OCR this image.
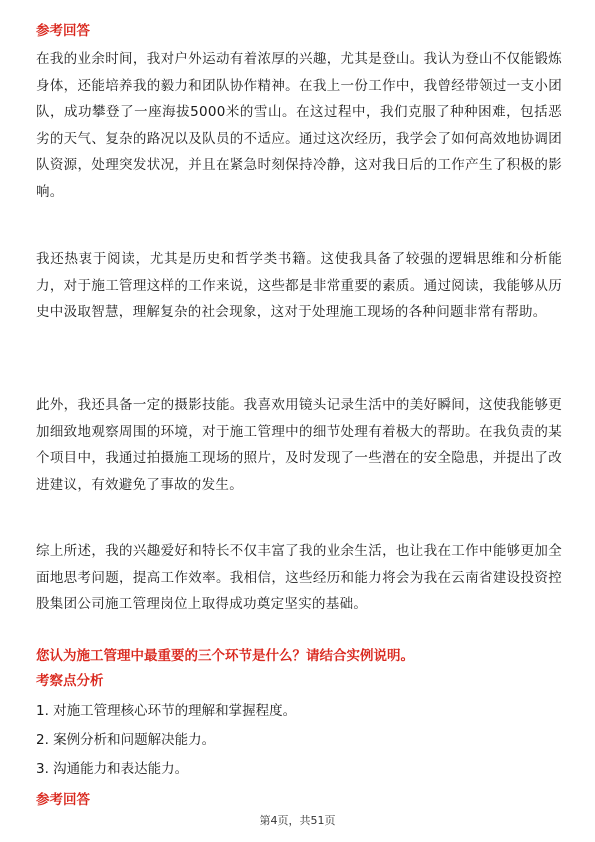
参考回答

在我的业余时间，我对户外运动有着浓厚的兴趣，尤其是登山。我认为登山不仅能锻炼身体，还能培养我的毅力和团队协作精神。在我上一份工作中，我曾经带领过一支小团队，成功攀登了一座海拔5000米的雪山。在这过程中，我们克服了种种困难，包括恶劣的天气、复杂的路况以及队员的不适应。通过这次经历，我学会了如何高效地协调团队资源，处理突发状况，并且在紧急时刻保持冷静，这对我日后的工作产生了积极的影响。

我还热衷于阅读，尤其是历史和哲学类书籍。这使我具备了较强的逻辑思维和分析能力，对于施工管理这样的工作来说，这些都是非常重要的素质。通过阅读，我能够从历史中汲取智慧，理解复杂的社会现象，这对于处理施工现场的各种问题非常有帮助。

此外，我还具备一定的摄影技能。我喜欢用镜头记录生活中的美好瞬间，这使我能够更加细致地观察周围的环境，对于施工管理中的细节处理有着极大的帮助。在我负责的某个项目中，我通过拍摄施工现场的照片，及时发现了一些潜在的安全隐患，并提出了改进建议，有效避免了事故的发生。

综上所述，我的兴趣爱好和特长不仅丰富了我的业余生活，也让我在工作中能够更加全面地思考问题，提高工作效率。我相信，这些经历和能力将会为我在云南省建设投资控股集团公司施工管理岗位上取得成功奠定坚实的基础。

您认为施工管理中最重要的三个环节是什么？请结合实例说明。
考察点分析
1. 对施工管理核心环节的理解和掌握程度。
2. 案例分析和问题解决能力。
3. 沟通能力和表达能力。
参考回答
第4页，共51页
